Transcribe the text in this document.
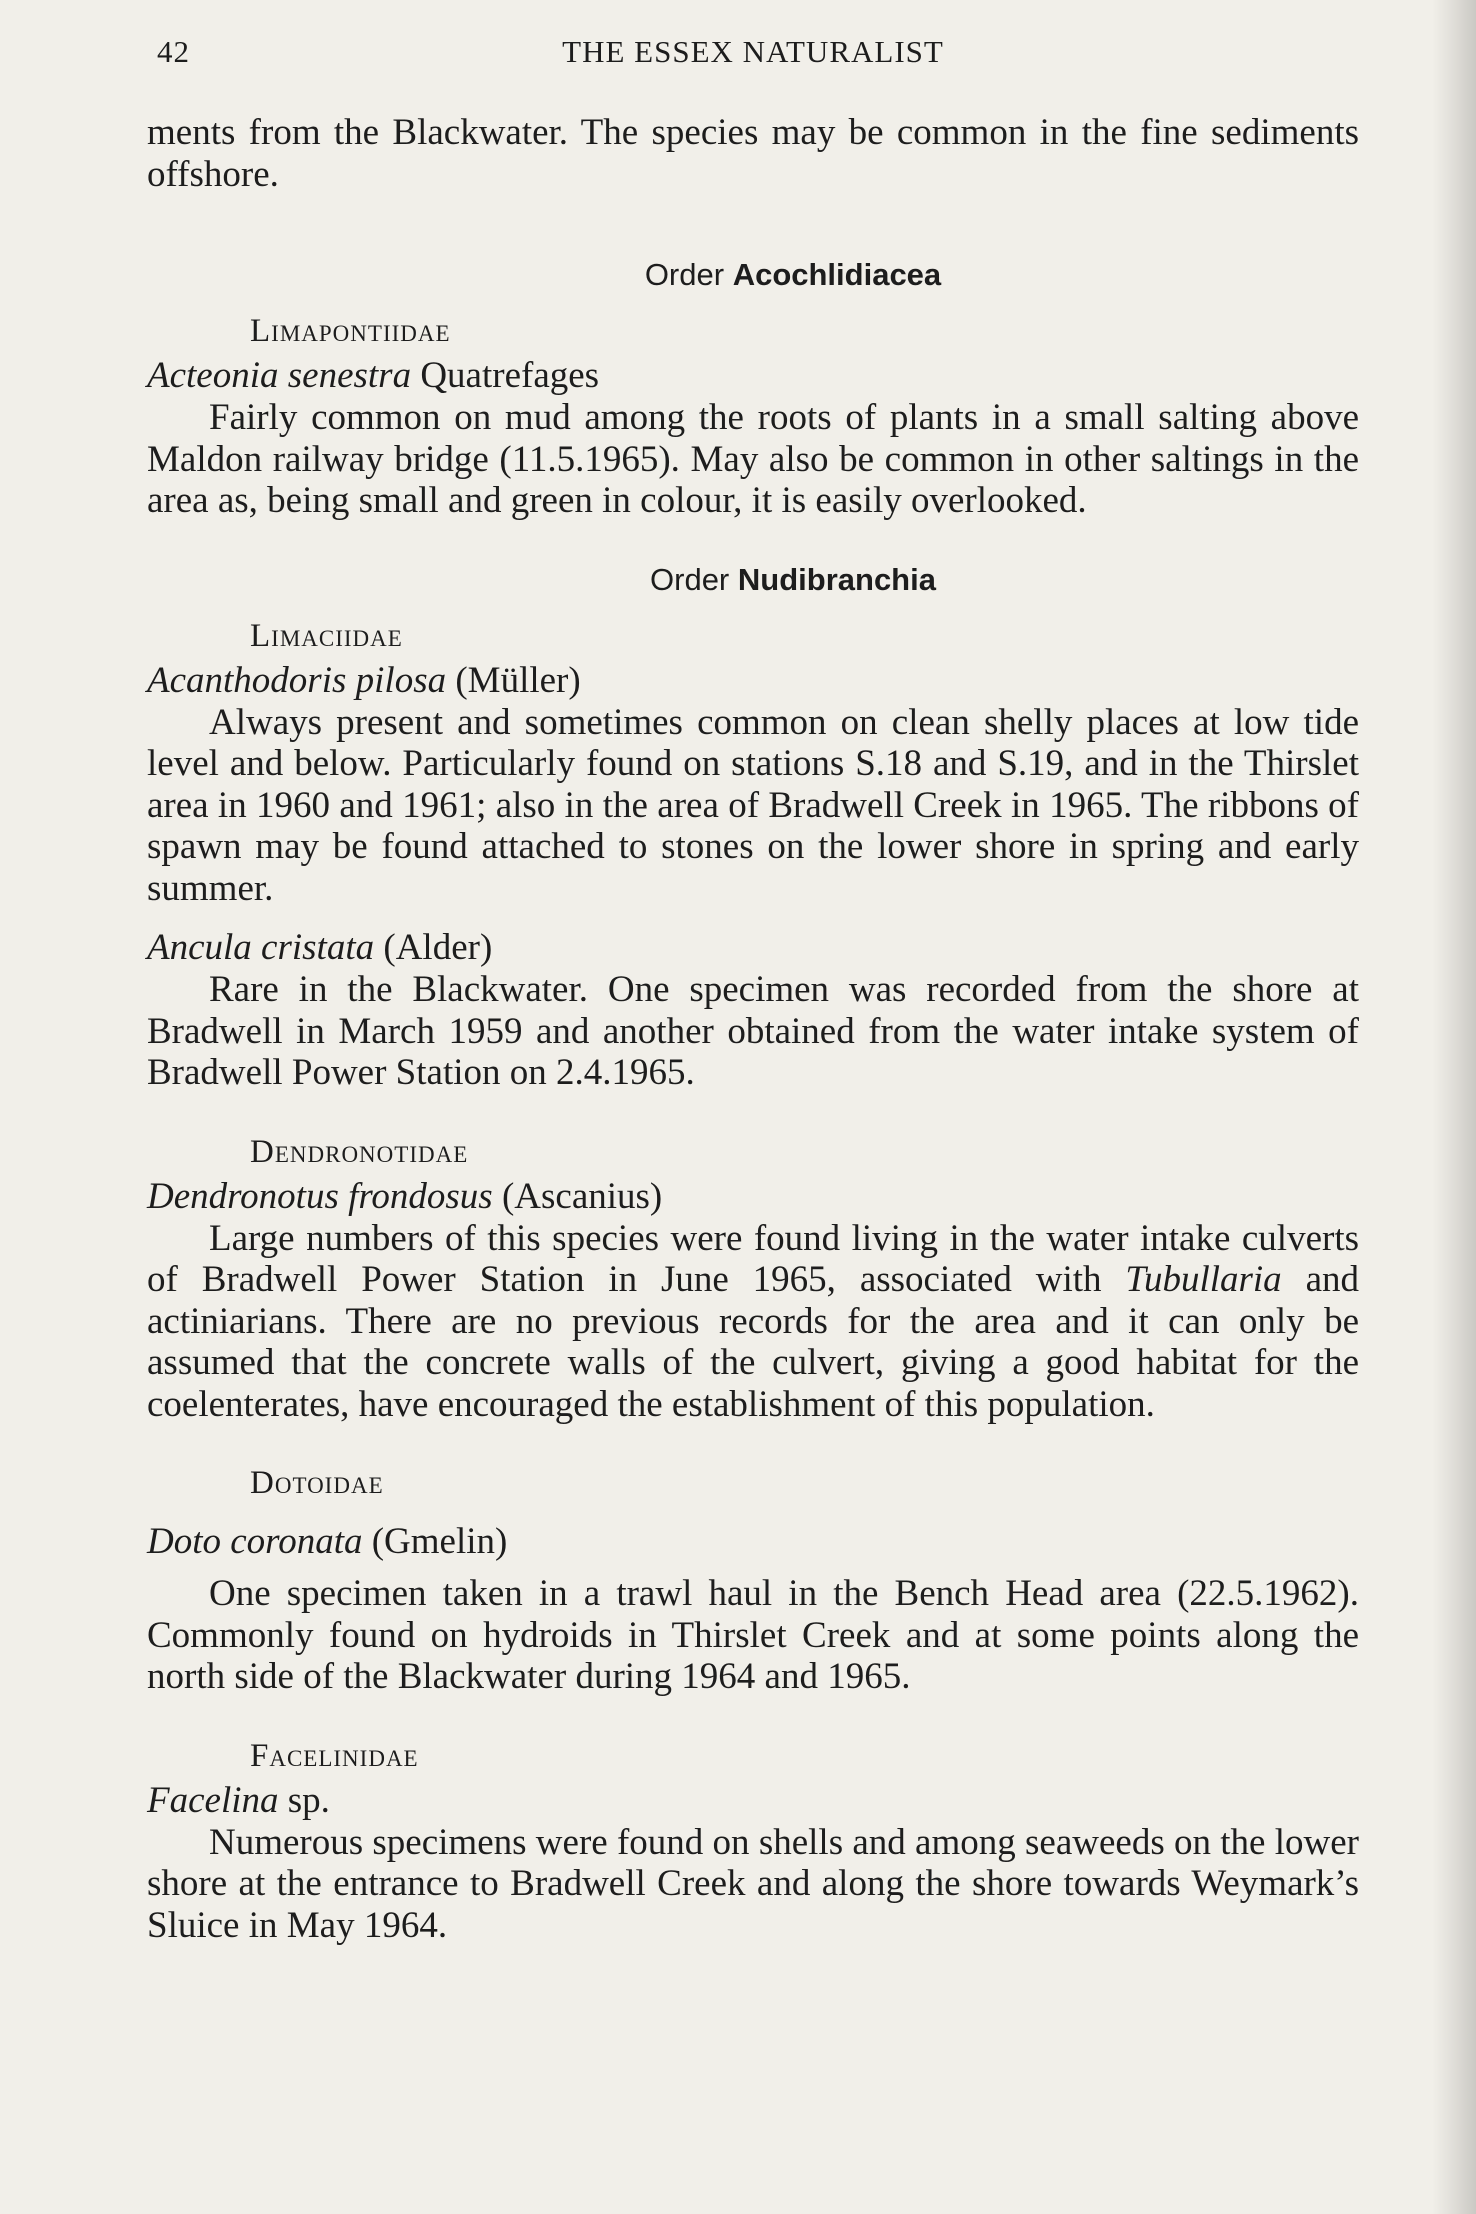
42	THE ESSEX NATURALIST

ments from the Blackwater. The species may be common in the fine sediments offshore.

Order Acochlidiacea
Limapontiidae
Acteonia senestra Quatrefages

Fairly common on mud among the roots of plants in a small salting above Maldon railway bridge (11.5.1965). May also be common in other saltings in the area as, being small and green in colour, it is easily overlooked.

Order Nudibranchia
Limaciidae
Acanthodoris pilosa (Müller)

Always present and sometimes common on clean shelly places at low tide level and below. Particularly found on stations S.18 and S.19, and in the Thirslet area in 1960 and 1961; also in the area of Bradwell Creek in 1965. The ribbons of spawn may be found attached to stones on the lower shore in spring and early summer.

Ancula cristata (Alder)

Rare in the Blackwater. One specimen was recorded from the shore at Bradwell in March 1959 and another obtained from the water intake system of Bradwell Power Station on 2.4.1965.

Dendronotidae
Dendronotus frondosus (Ascanius)

Large numbers of this species were found living in the water intake culverts of Bradwell Power Station in June 1965, associated with Tubullaria and actiniarians. There are no previous records for the area and it can only be assumed that the concrete walls of the culvert, giving a good habitat for the coelenterates, have encouraged the establishment of this population.

Dotoidae
Doto coronata (Gmelin)

One specimen taken in a trawl haul in the Bench Head area (22.5.1962). Commonly found on hydroids in Thirslet Creek and at some points along the north side of the Blackwater during 1964 and 1965.

Facelinidae
Facelina sp.

Numerous specimens were found on shells and among seaweeds on the lower shore at the entrance to Bradwell Creek and along the shore towards Weymark’s Sluice in May 1964.
